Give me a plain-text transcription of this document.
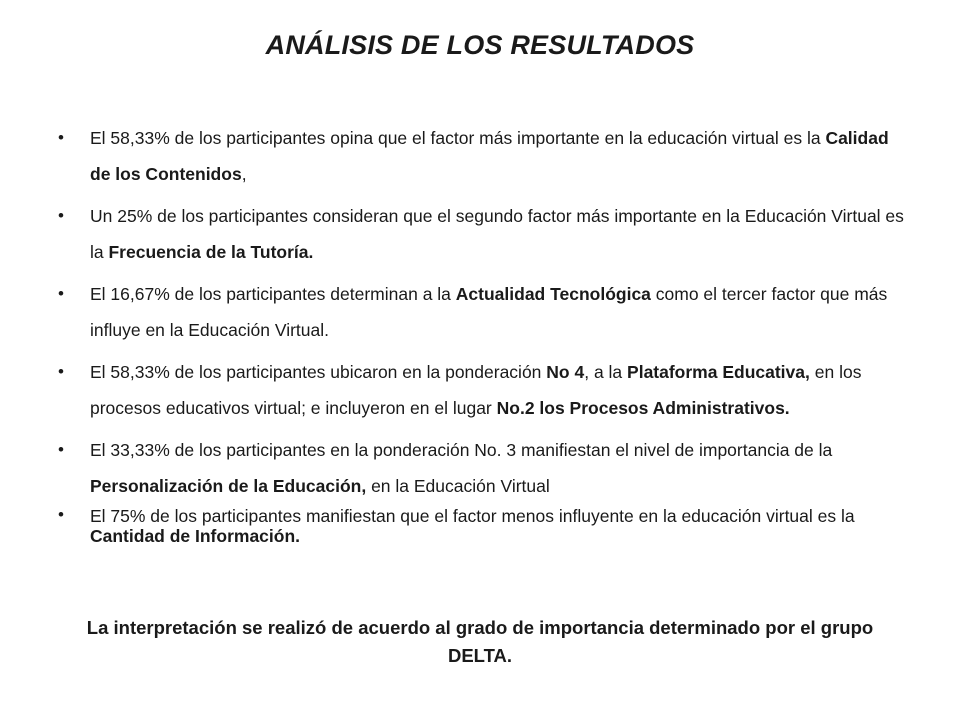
ANÁLISIS DE LOS RESULTADOS
• El 58,33% de los participantes opina que el factor más importante en la educación virtual es la Calidad de los Contenidos,
• Un 25% de los participantes consideran que el segundo factor más importante en la Educación Virtual es la Frecuencia de la Tutoría.
• El 16,67% de los participantes determinan a la Actualidad Tecnológica como el tercer factor que más influye en la Educación Virtual.
• El 58,33% de los participantes ubicaron en la ponderación No 4, a la Plataforma Educativa, en los procesos educativos virtual; e incluyeron en el lugar No.2 los Procesos Administrativos.
• El 33,33% de los participantes en la ponderación No. 3 manifiestan el nivel de importancia de la Personalización de la Educación, en la Educación Virtual
• El 75% de los participantes manifiestan que el factor menos influyente en la educación virtual es la Cantidad de Información.
La interpretación se realizó de acuerdo al grado de importancia determinado por el grupo DELTA.
